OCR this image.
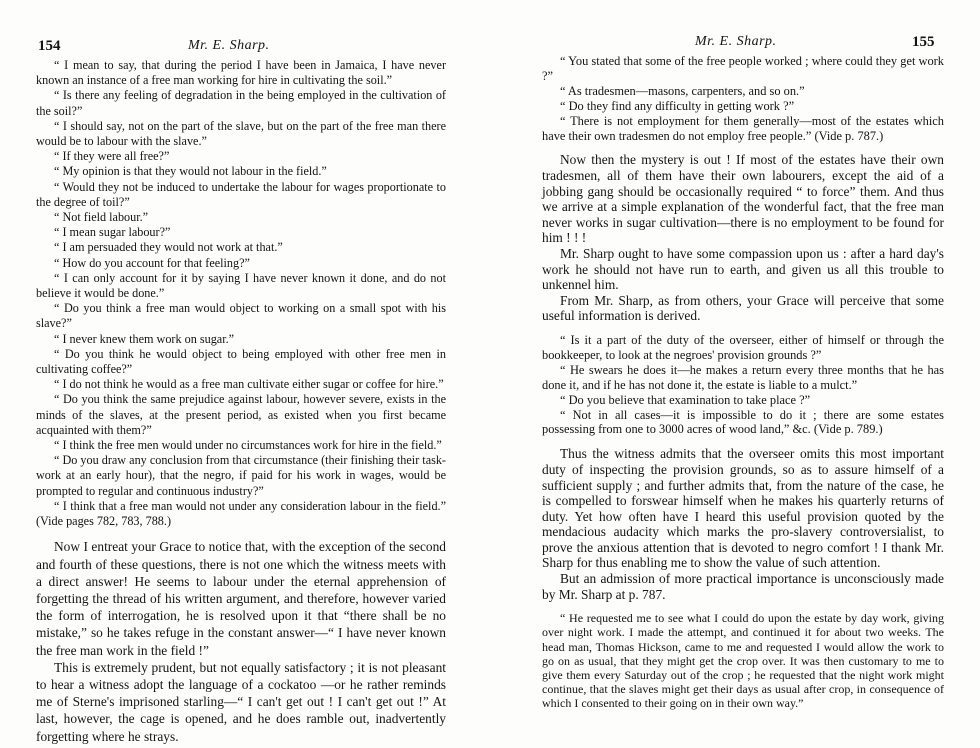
154	Mr. E. Sharp.

“ I mean to say, that during the period I have been in Jamaica, I have never known an instance of a free man working for hire in cultivating the soil.”

“ Is there any feeling of degradation in the being employed in the cultivation of the soil?”

“ I should say, not on the part of the slave, but on the part of the free man there would be to labour with the slave.”

“ If they were all free?”

“ My opinion is that they would not labour in the field.”

“ Would they not be induced to undertake the labour for wages proportionate to the degree of toil?”

“ Not field labour.”

“ I mean sugar labour?”

“ I am persuaded they would not work at that.”

“ How do you account for that feeling?”

“ I can only account for it by saying I have never known it done, and do not believe it would be done.”

“ Do you think a free man would object to working on a small spot with his slave?”

“ I never knew them work on sugar.”

“ Do you think he would object to being employed with other free men in cultivating coffee?”

“ I do not think he would as a free man cultivate either sugar or coffee for hire.”

“ Do you think the same prejudice against labour, however severe, exists in the minds of the slaves, at the present period, as existed when you first became acquainted with them?”

“ I think the free men would under no circumstances work for hire in the field.”

“ Do you draw any conclusion from that circumstance (their finishing their task-work at an early hour), that the negro, if paid for his work in wages, would be prompted to regular and continuous industry?”

“ I think that a free man would not under any consideration labour in the field.” (Vide pages 782, 783, 788.)

Now I entreat your Grace to notice that, with the exception of the second and fourth of these questions, there is not one which the witness meets with a direct answer! He seems to labour under the eternal apprehension of forgetting the thread of his written argument, and therefore, however varied the form of interrogation, he is resolved upon it that “there shall be no mistake,” so he takes refuge in the constant answer—“ I have never known the free man work in the field !”

This is extremely prudent, but not equally satisfactory ; it is not pleasant to hear a witness adopt the language of a cockatoo —or he rather reminds me of Sterne's imprisoned starling—“ I can't get out ! I can't get out !” At last, however, the cage is opened, and he does ramble out, inadvertently forgetting where he strays.

Mr. E. Sharp.	155

“ You stated that some of the free people worked ; where could they get work ?”

“ As tradesmen—masons, carpenters, and so on.”

“ Do they find any difficulty in getting work ?”

“ There is not employment for them generally—most of the estates which have their own tradesmen do not employ free people.” (Vide p. 787.)

Now then the mystery is out ! If most of the estates have their own tradesmen, all of them have their own labourers, except the aid of a jobbing gang should be occasionally required “ to force” them. And thus we arrive at a simple explanation of the wonderful fact, that the free man never works in sugar cultivation—there is no employment to be found for him ! ! !

Mr. Sharp ought to have some compassion upon us : after a hard day's work he should not have run to earth, and given us all this trouble to unkennel him.

From Mr. Sharp, as from others, your Grace will perceive that some useful information is derived.

“ Is it a part of the duty of the overseer, either of himself or through the bookkeeper, to look at the negroes' provision grounds ?”

“ He swears he does it—he makes a return every three months that he has done it, and if he has not done it, the estate is liable to a mulct.”

“ Do you believe that examination to take place ?”

“ Not in all cases—it is impossible to do it ; there are some estates possessing from one to 3000 acres of wood land,” &c. (Vide p. 789.)

Thus the witness admits that the overseer omits this most important duty of inspecting the provision grounds, so as to assure himself of a sufficient supply ; and further admits that, from the nature of the case, he is compelled to forswear himself when he makes his quarterly returns of duty. Yet how often have I heard this useful provision quoted by the mendacious audacity which marks the pro-slavery controversialist, to prove the anxious attention that is devoted to negro comfort ! I thank Mr. Sharp for thus enabling me to show the value of such attention.

But an admission of more practical importance is unconsciously made by Mr. Sharp at p. 787.

“ He requested me to see what I could do upon the estate by day work, giving over night work. I made the attempt, and continued it for about two weeks. The head man, Thomas Hickson, came to me and requested I would allow the work to go on as usual, that they might get the crop over. It was then customary to me to give them every Saturday out of the crop ; he requested that the night work might continue, that the slaves might get their days as usual after crop, in consequence of which I consented to their going on in their own way.”
